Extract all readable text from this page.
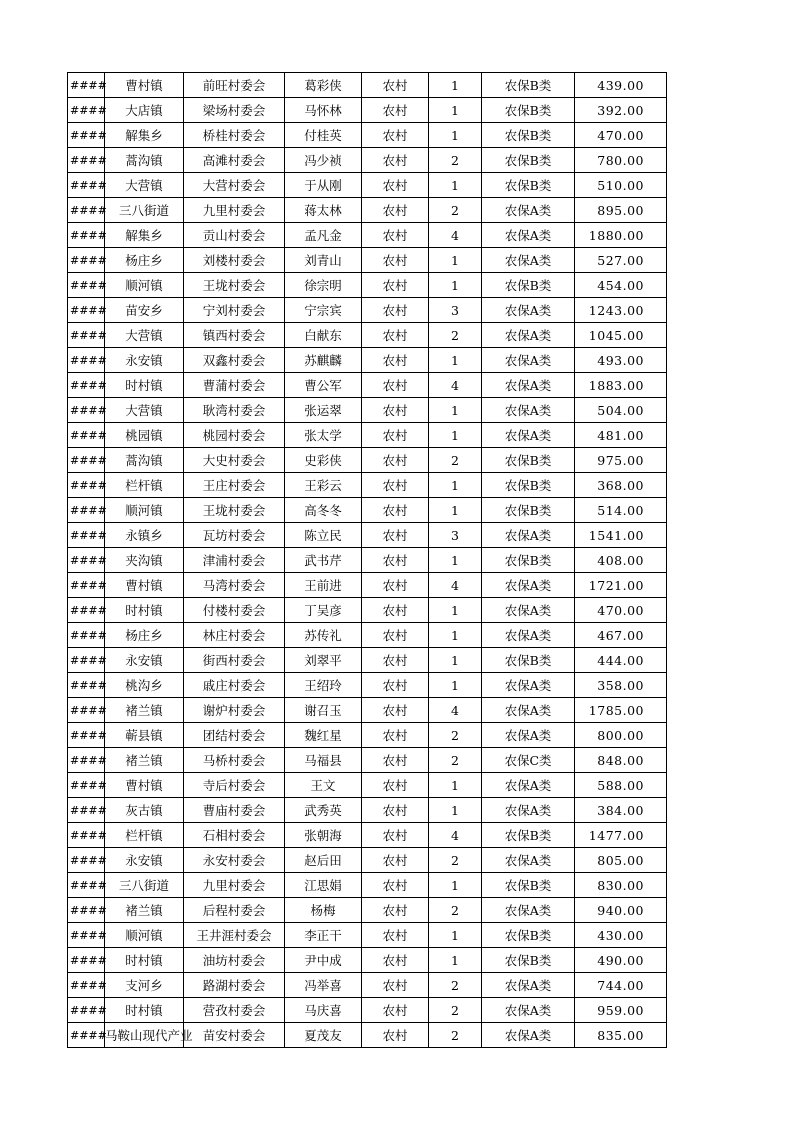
####	曹村镇	前旺村委会	葛彩侠	农村	1	农保B类	439.00
####	大店镇	梁场村委会	马怀林	农村	1	农保B类	392.00
####	解集乡	桥桂村委会	付桂英	农村	1	农保B类	470.00
####	蒿沟镇	高滩村委会	冯少祯	农村	2	农保B类	780.00
####	大营镇	大营村委会	于从刚	农村	1	农保B类	510.00
####	三八街道	九里村委会	蒋太林	农村	2	农保A类	895.00
####	解集乡	贡山村委会	孟凡金	农村	4	农保A类	1880.00
####	杨庄乡	刘楼村委会	刘青山	农村	1	农保A类	527.00
####	顺河镇	王垅村委会	徐宗明	农村	1	农保B类	454.00
####	苗安乡	宁刘村委会	宁宗宾	农村	3	农保A类	1243.00
####	大营镇	镇西村委会	白献东	农村	2	农保A类	1045.00
####	永安镇	双鑫村委会	苏麒麟	农村	1	农保A类	493.00
####	时村镇	曹蒲村委会	曹公军	农村	4	农保A类	1883.00
####	大营镇	耿湾村委会	张运翠	农村	1	农保A类	504.00
####	桃园镇	桃园村委会	张太学	农村	1	农保A类	481.00
####	蒿沟镇	大史村委会	史彩侠	农村	2	农保B类	975.00
####	栏杆镇	王庄村委会	王彩云	农村	1	农保B类	368.00
####	顺河镇	王垅村委会	高冬冬	农村	1	农保B类	514.00
####	永镇乡	瓦坊村委会	陈立民	农村	3	农保A类	1541.00
####	夹沟镇	津浦村委会	武书芹	农村	1	农保B类	408.00
####	曹村镇	马湾村委会	王前进	农村	4	农保A类	1721.00
####	时村镇	付楼村委会	丁吴彦	农村	1	农保A类	470.00
####	杨庄乡	林庄村委会	苏传礼	农村	1	农保A类	467.00
####	永安镇	街西村委会	刘翠平	农村	1	农保B类	444.00
####	桃沟乡	戚庄村委会	王绍玲	农村	1	农保A类	358.00
####	褚兰镇	谢炉村委会	谢召玉	农村	4	农保A类	1785.00
####	蕲县镇	团结村委会	魏红星	农村	2	农保A类	800.00
####	褚兰镇	马桥村委会	马福县	农村	2	农保C类	848.00
####	曹村镇	寺后村委会	王文	农村	1	农保A类	588.00
####	灰古镇	曹庙村委会	武秀英	农村	1	农保A类	384.00
####	栏杆镇	石相村委会	张朝海	农村	4	农保B类	1477.00
####	永安镇	永安村委会	赵后田	农村	2	农保A类	805.00
####	三八街道	九里村委会	江思娟	农村	1	农保B类	830.00
####	褚兰镇	后程村委会	杨梅	农村	2	农保A类	940.00
####	顺河镇	王井涯村委会	李正干	农村	1	农保B类	430.00
####	时村镇	油坊村委会	尹中成	农村	1	农保B类	490.00
####	支河乡	路湖村委会	冯举喜	农村	2	农保A类	744.00
####	时村镇	营孜村委会	马庆喜	农村	2	农保A类	959.00
####	马鞍山现代产业	苗安村委会	夏茂友	农村	2	农保A类	835.00
